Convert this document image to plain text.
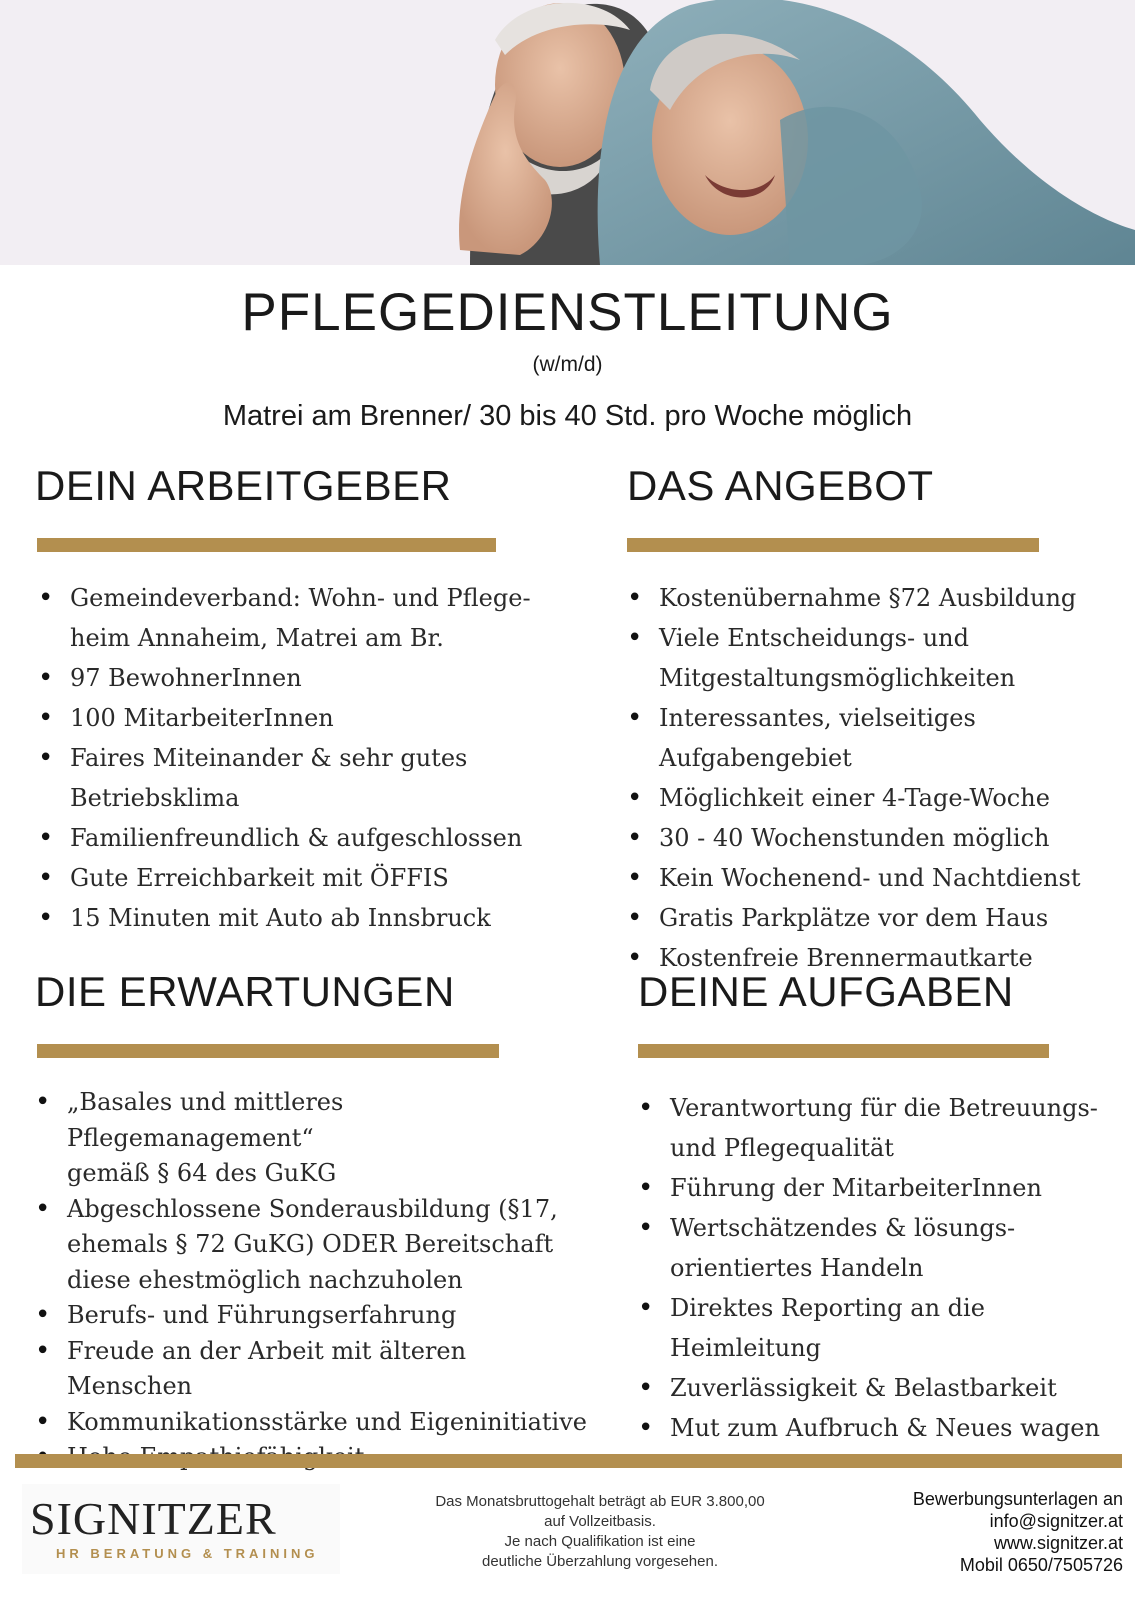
PFLEGEDIENSTLEITUNG
(w/m/d)
Matrei am Brenner/ 30 bis 40 Std. pro Woche möglich
DEIN ARBEITGEBER
• Gemeindeverband: Wohn- und Pflege-
heim Annaheim, Matrei am Br.
• 97 BewohnerInnen
• 100 MitarbeiterInnen
• Faires Miteinander & sehr gutes
Betriebsklima
• Familienfreundlich & aufgeschlossen
• Gute Erreichbarkeit mit ÖFFIS
• 15 Minuten mit Auto ab Innsbruck
DAS ANGEBOT
• Kostenübernahme §72 Ausbildung
• Viele Entscheidungs- und
Mitgestaltungsmöglichkeiten
• Interessantes, vielseitiges Aufgabengebiet
• Möglichkeit einer 4-Tage-Woche
• 30 - 40 Wochenstunden möglich
• Kein Wochenend- und Nachtdienst
• Gratis Parkplätze vor dem Haus
• Kostenfreie Brennermautkarte
DIE ERWARTUNGEN
• „Basales und mittleres Pflegemanagement“
gemäß § 64 des GuKG
• Abgeschlossene Sonderausbildung (§17,
ehemals § 72 GuKG) ODER Bereitschaft
diese ehestmöglich nachzuholen
• Berufs- und Führungserfahrung
• Freude an der Arbeit mit älteren Menschen
• Kommunikationsstärke und Eigeninitiative
•
DEINE AUFGABEN
• Verantwortung für die Betreuungs-
und Pflegequalität
• Führung der MitarbeiterInnen
• Wertschätzendes & lösungs-
orientiertes Handeln
• Direktes Reporting an die Heimleitung
• Zuverlässigkeit & Belastbarkeit
• Mut zum Aufbruch & Neues wagen
SIGNITZER
HR BERATUNG & TRAINING
Das Monatsbruttogehalt beträgt ab EUR 3.800,00
auf Vollzeitbasis.
Je nach Qualifikation ist eine
deutliche Überzahlung vorgesehen.
Bewerbungsunterlagen an
info@signitzer.at
www.signitzer.at
Mobil 0650/7505726
